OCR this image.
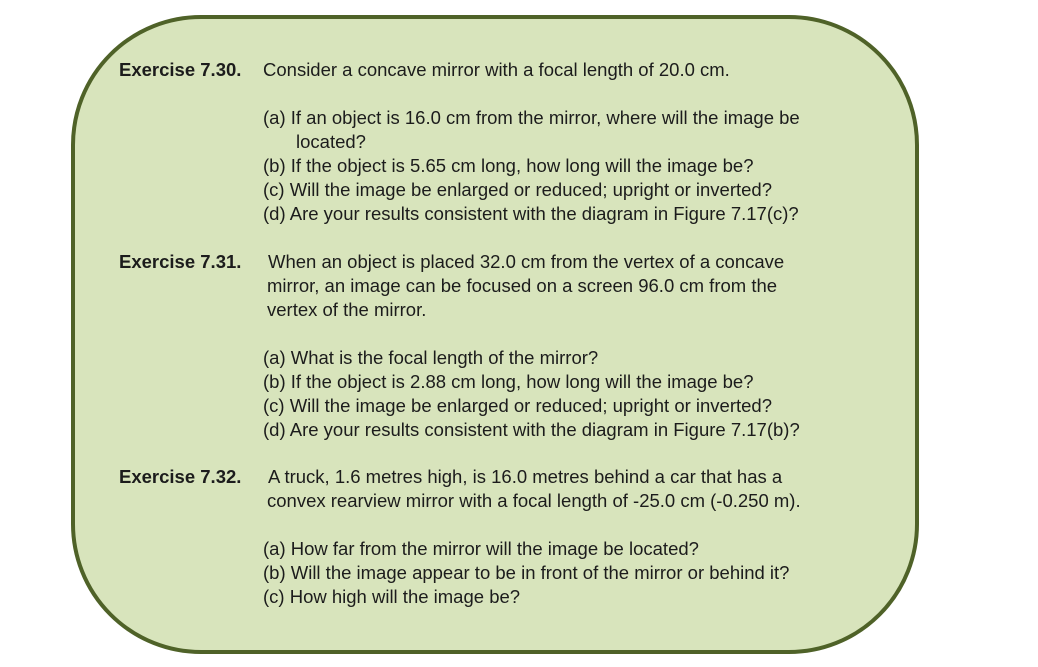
Exercise 7.30. Consider a concave mirror with a focal length of 20.0 cm.
(a) If an object is 16.0 cm from the mirror, where will the image be
located?
(b) If the object is 5.65 cm long, how long will the image be?
(c) Will the image be enlarged or reduced; upright or inverted?
(d) Are your results consistent with the diagram in Figure 7.17(c)?
Exercise 7.31. When an object is placed 32.0 cm from the vertex of a concave
mirror, an image can be focused on a screen 96.0 cm from the
vertex of the mirror.
(a) What is the focal length of the mirror?
(b) If the object is 2.88 cm long, how long will the image be?
(c) Will the image be enlarged or reduced; upright or inverted?
(d) Are your results consistent with the diagram in Figure 7.17(b)?
Exercise 7.32. A truck, 1.6 metres high, is 16.0 metres behind a car that has a
convex rearview mirror with a focal length of -25.0 cm (-0.250 m).
(a) How far from the mirror will the image be located?
(b) Will the image appear to be in front of the mirror or behind it?
(c) How high will the image be?
